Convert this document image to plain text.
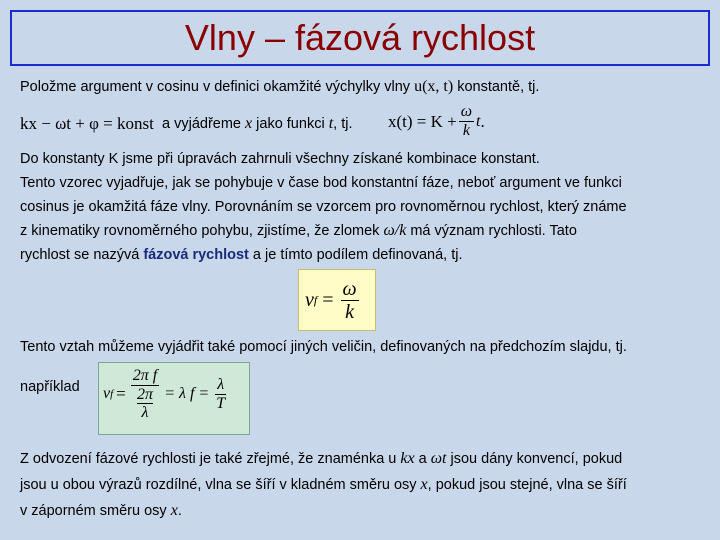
Vlny – fázová rychlost
Položme argument v cosinu v definici okamžité výchylky vlny u(x, t) konstantě, tj.
kx − ωt + φ = konst a vyjádřeme x jako funkci t, tj. $x(t) = K + \frac{\omega}{k}$ t .
Do konstanty K jsme při úpravách zahrnuli všechny získané kombinace konstant.
Tento vzorec vyjadřuje, jak se pohybuje v čase bod konstantní fáze, neboť argument ve funkci
cosinus je okamžitá fáze vlny. Porovnáním se vzorcem pro rovnoměrnou rychlost, který známe
z kinematiky rovnoměrného pohybu, zjistíme, že zlomek ω/k má význam rychlosti. Tato
rychlost se nazývá fázová rychlost a je tímto podílem definovaná, tj.
v $f = \frac{\omega}{k}$
Tento vztah můžeme vyjádřit také pomocí jiných veličin, definovaných na předchozím slajdu, tj.
například v $f = \frac{\text{2π f}}{\frac{2\pi}{\lambda}} = \lambda$ $f = \frac{\lambda}{T}$
Z odvození fázové rychlosti je také zřejmé, že znaménka u kx a ωt jsou dány konvencí, pokud
jsou u obou výrazů rozdílné, vlna se šíří v kladném směru osy x, pokud jsou stejné, vlna se šíří
v záporném směru osy x.
